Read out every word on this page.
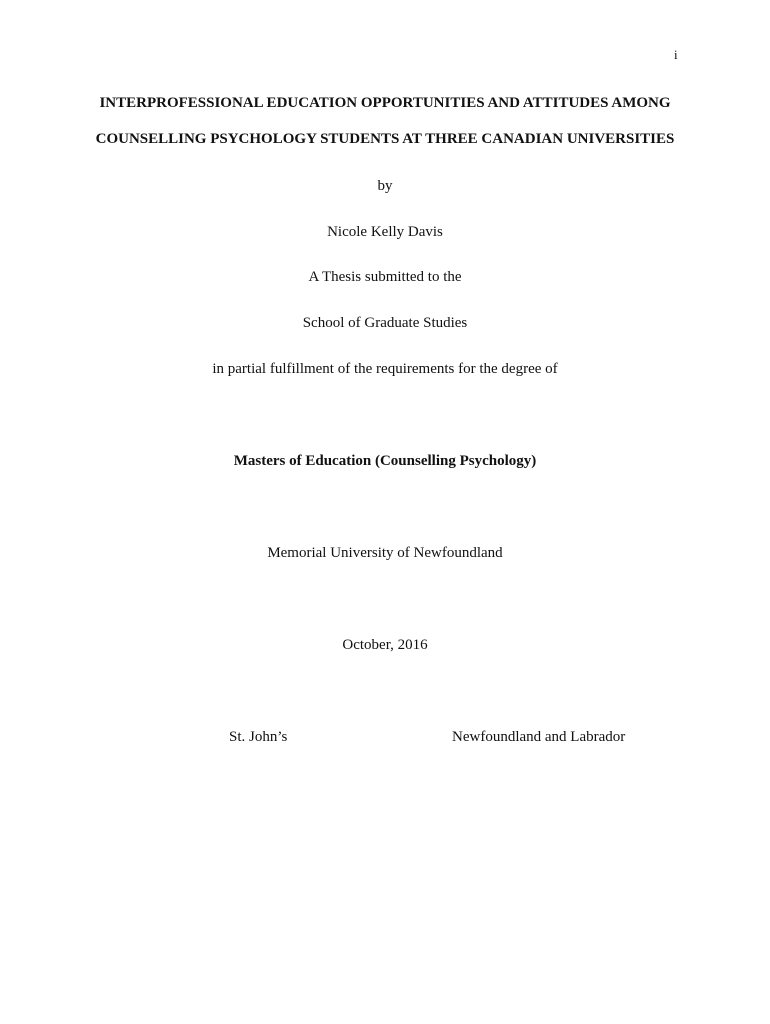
i
INTERPROFESSIONAL EDUCATION OPPORTUNITIES AND ATTITUDES AMONG
COUNSELLING PSYCHOLOGY STUDENTS AT THREE CANADIAN UNIVERSITIES
by
Nicole Kelly Davis
A Thesis submitted to the
School of Graduate Studies
in partial fulfillment of the requirements for the degree of
Masters of Education (Counselling Psychology)
Memorial University of Newfoundland
October, 2016
St. John’s	Newfoundland and Labrador
